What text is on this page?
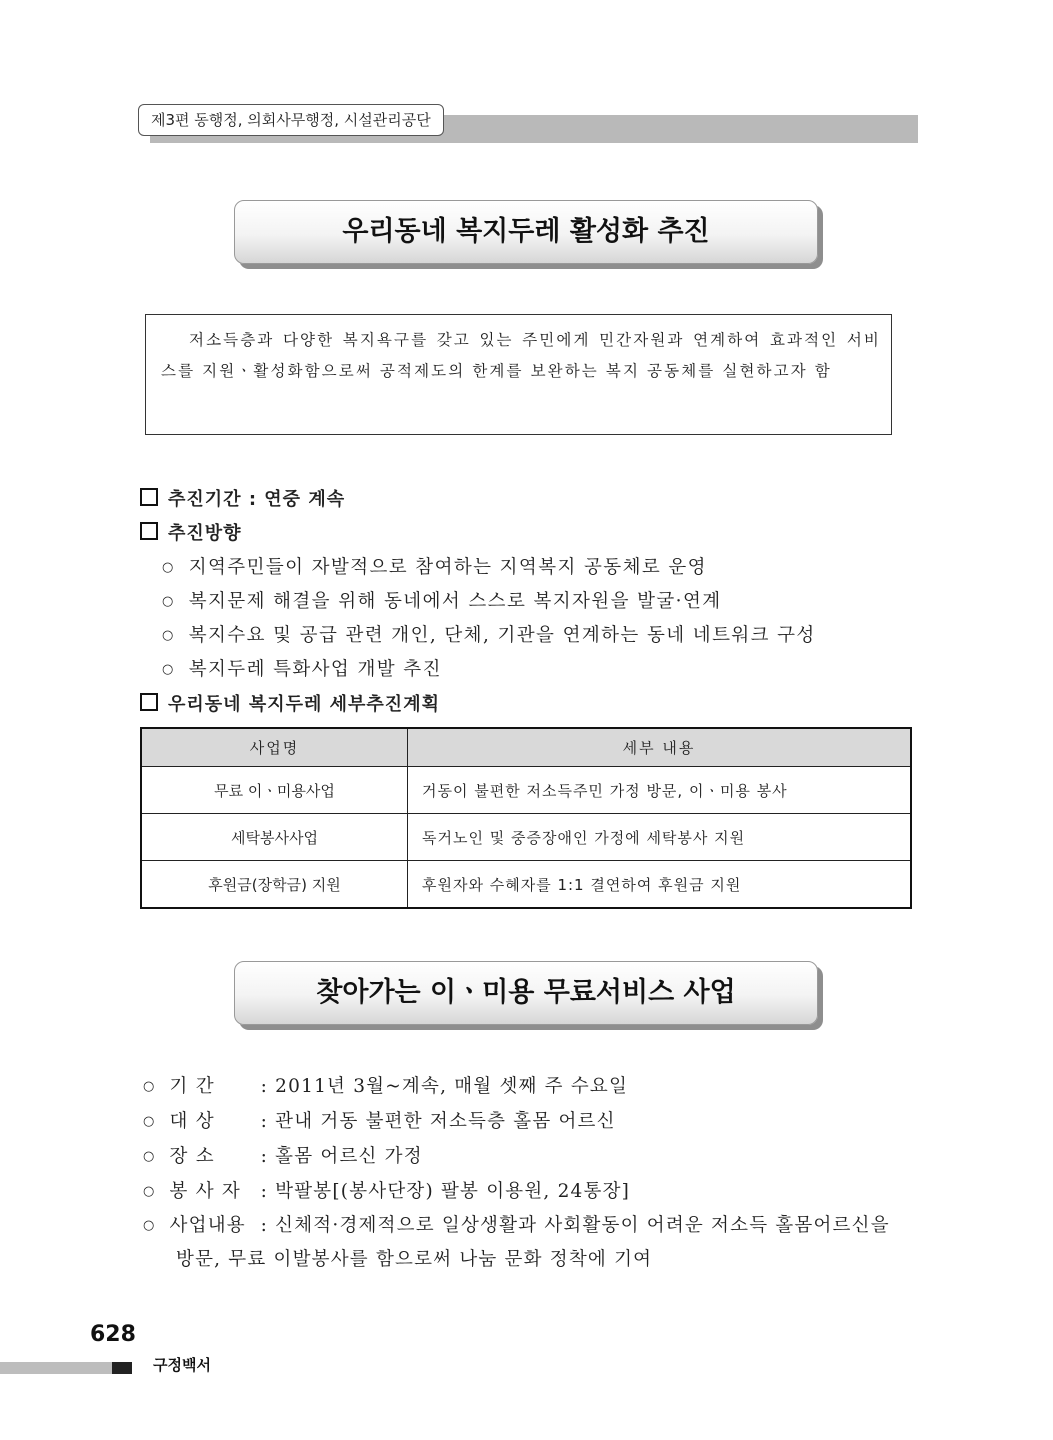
제3편 동행정, 의회사무행정, 시설관리공단
우리동네 복지두레 활성화 추진
저소득층과 다양한 복지욕구를 갖고 있는 주민에게 민간자원과 연계하여 효과적인 서비스를 지원ㆍ활성화함으로써 공적제도의 한계를 보완하는 복지 공동체를 실현하고자 함
추진기간 : 연중 계속
추진방향
○ 지역주민들이 자발적으로 참여하는 지역복지 공동체로 운영
○ 복지문제 해결을 위해 동네에서 스스로 복지자원을 발굴·연계
○ 복지수요 및 공급 관련 개인, 단체, 기관을 연계하는 동네 네트워크 구성
○ 복지두레 특화사업 개발 추진
우리동네 복지두레 세부추진계획
사업명	세부 내용
무료 이ㆍ미용사업	거동이 불편한 저소득주민 가정 방문, 이ㆍ미용 봉사
세탁봉사사업	독거노인 및 중증장애인 가정에 세탁봉사 지원
후원금(장학금) 지원	후원자와 수혜자를 1:1 결연하여 후원금 지원
찾아가는 이ㆍ미용 무료서비스 사업
○ 기 간 : 2011년 3월~계속, 매월 셋째 주 수요일
○ 대 상 : 관내 거동 불편한 저소득층 홀몸 어르신
○ 장 소 : 홀몸 어르신 가정
○ 봉 사 자 : 박팔봉[(봉사단장) 팔봉 이용원, 24통장]
○ 사업내용 : 신체적·경제적으로 일상생활과 사회활동이 어려운 저소득 홀몸어르신을
방문, 무료 이발봉사를 함으로써 나눔 문화 정착에 기여
628
구정백서
